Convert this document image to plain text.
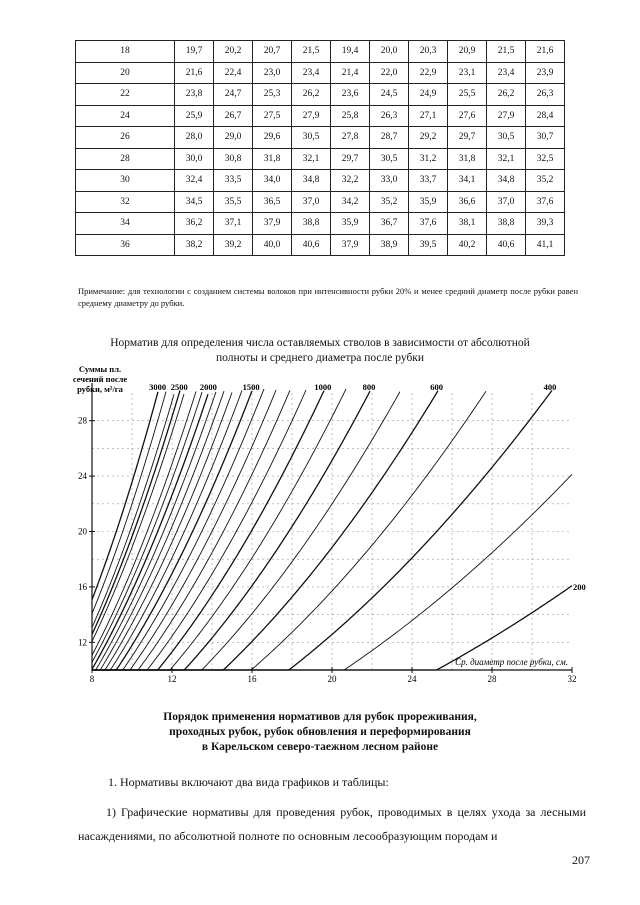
18	19,7	20,2	20,7	21,5	19,4	20,0	20,3	20,9	21,5	21,6
20	21,6	22,4	23,0	23,4	21,4	22,0	22,9	23,1	23,4	23,9
22	23,8	24,7	25,3	26,2	23,6	24,5	24,9	25,5	26,2	26,3
24	25,9	26,7	27,5	27,9	25,8	26,3	27,1	27,6	27,9	28,4
26	28,0	29,0	29,6	30,5	27,8	28,7	29,2	29,7	30,5	30,7
28	30,0	30,8	31,8	32,1	29,7	30,5	31,2	31,8	32,1	32,5
30	32,4	33,5	34,0	34,8	32,2	33,0	33,7	34,1	34,8	35,2
32	34,5	35,5	36,5	37,0	34,2	35,2	35,9	36,6	37,0	37,6
34	36,2	37,1	37,9	38,8	35,9	36,7	37,6	38,1	38,8	39,3
36	38,2	39,2	40,0	40,6	37,9	38,9	39,5	40,2	40,6	41,1
Примечание: для технологии с созданием системы волоков при интенсивности рубки 20% и менее средний диаметр после рубки равен среднему диаметру до рубки.
Норматив для определения числа оставляемых стволов в зависимости от абсолютной
полноты и среднего диаметра после рубки
8	12	16	20	24	28	32
12
16
20
24
28
Суммы пл.
сечений после
рубки, м²/га
Ср. диаметр после рубки, см.
3000 2500 2000	1500	1000	800	600	400
200
Порядок применения нормативов для рубок прореживания,
проходных рубок, рубок обновления и переформирования
в Карельском северо-таежном лесном районе
1. Нормативы включают два вида графиков и таблицы:
1) Графические нормативы для проведения рубок, проводимых в целях ухода за лесными насаждениями, по абсолютной полноте по основным лесообразующим породам и
207
